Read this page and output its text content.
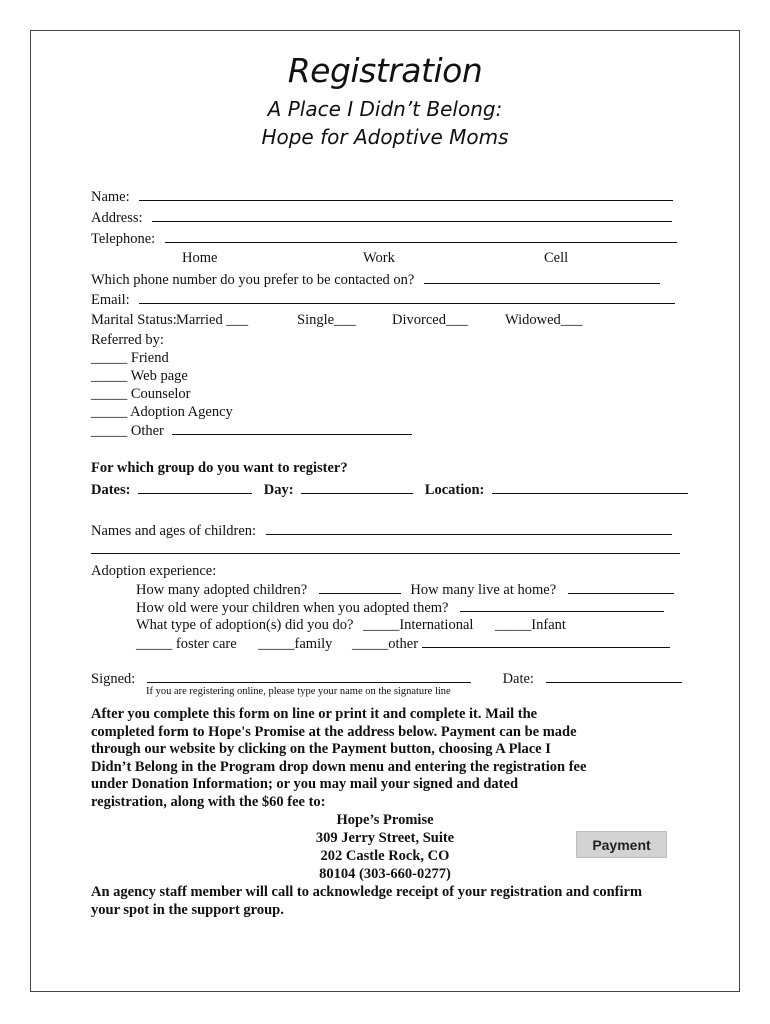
Registration
A Place I Didn’t Belong:
Hope for Adoptive Moms
Name:
Address:
Telephone:
Home	Work	Cell
Which phone number do you prefer to be contacted on?
Email:
Marital Status: Married ___	Single___ Divorced___	Widowed___
Referred by:
_____ Friend
_____ Web page
_____ Counselor
_____ Adoption Agency
_____ Other
For which group do you want to register?
Dates:	Day:	Location:
Names and ages of children:
Adoption experience:
How many adopted children?	How many live at home?
How old were your children when you adopted them?
What type of adoption(s) did you do? _____International _____Infant
_____ foster care _____family _____other
Signed:	Date:
If you are registering online, please type your name on the signature line
After you complete this form on line or print it and complete it. Mail the
completed form to Hope's Promise at the address below. Payment can be made
through our website by clicking on the Payment button, choosing A Place I
Didn’t Belong in the Program drop down menu and entering the registration fee
under Donation Information; or you may mail your signed and dated
registration, along with the $60 fee to:
Hope’s Promise
309 Jerry Street, Suite
202 Castle Rock, CO
80104 (303-660-0277)
Payment
An agency staff member will call to acknowledge receipt of your registration and confirm
your spot in the support group.
